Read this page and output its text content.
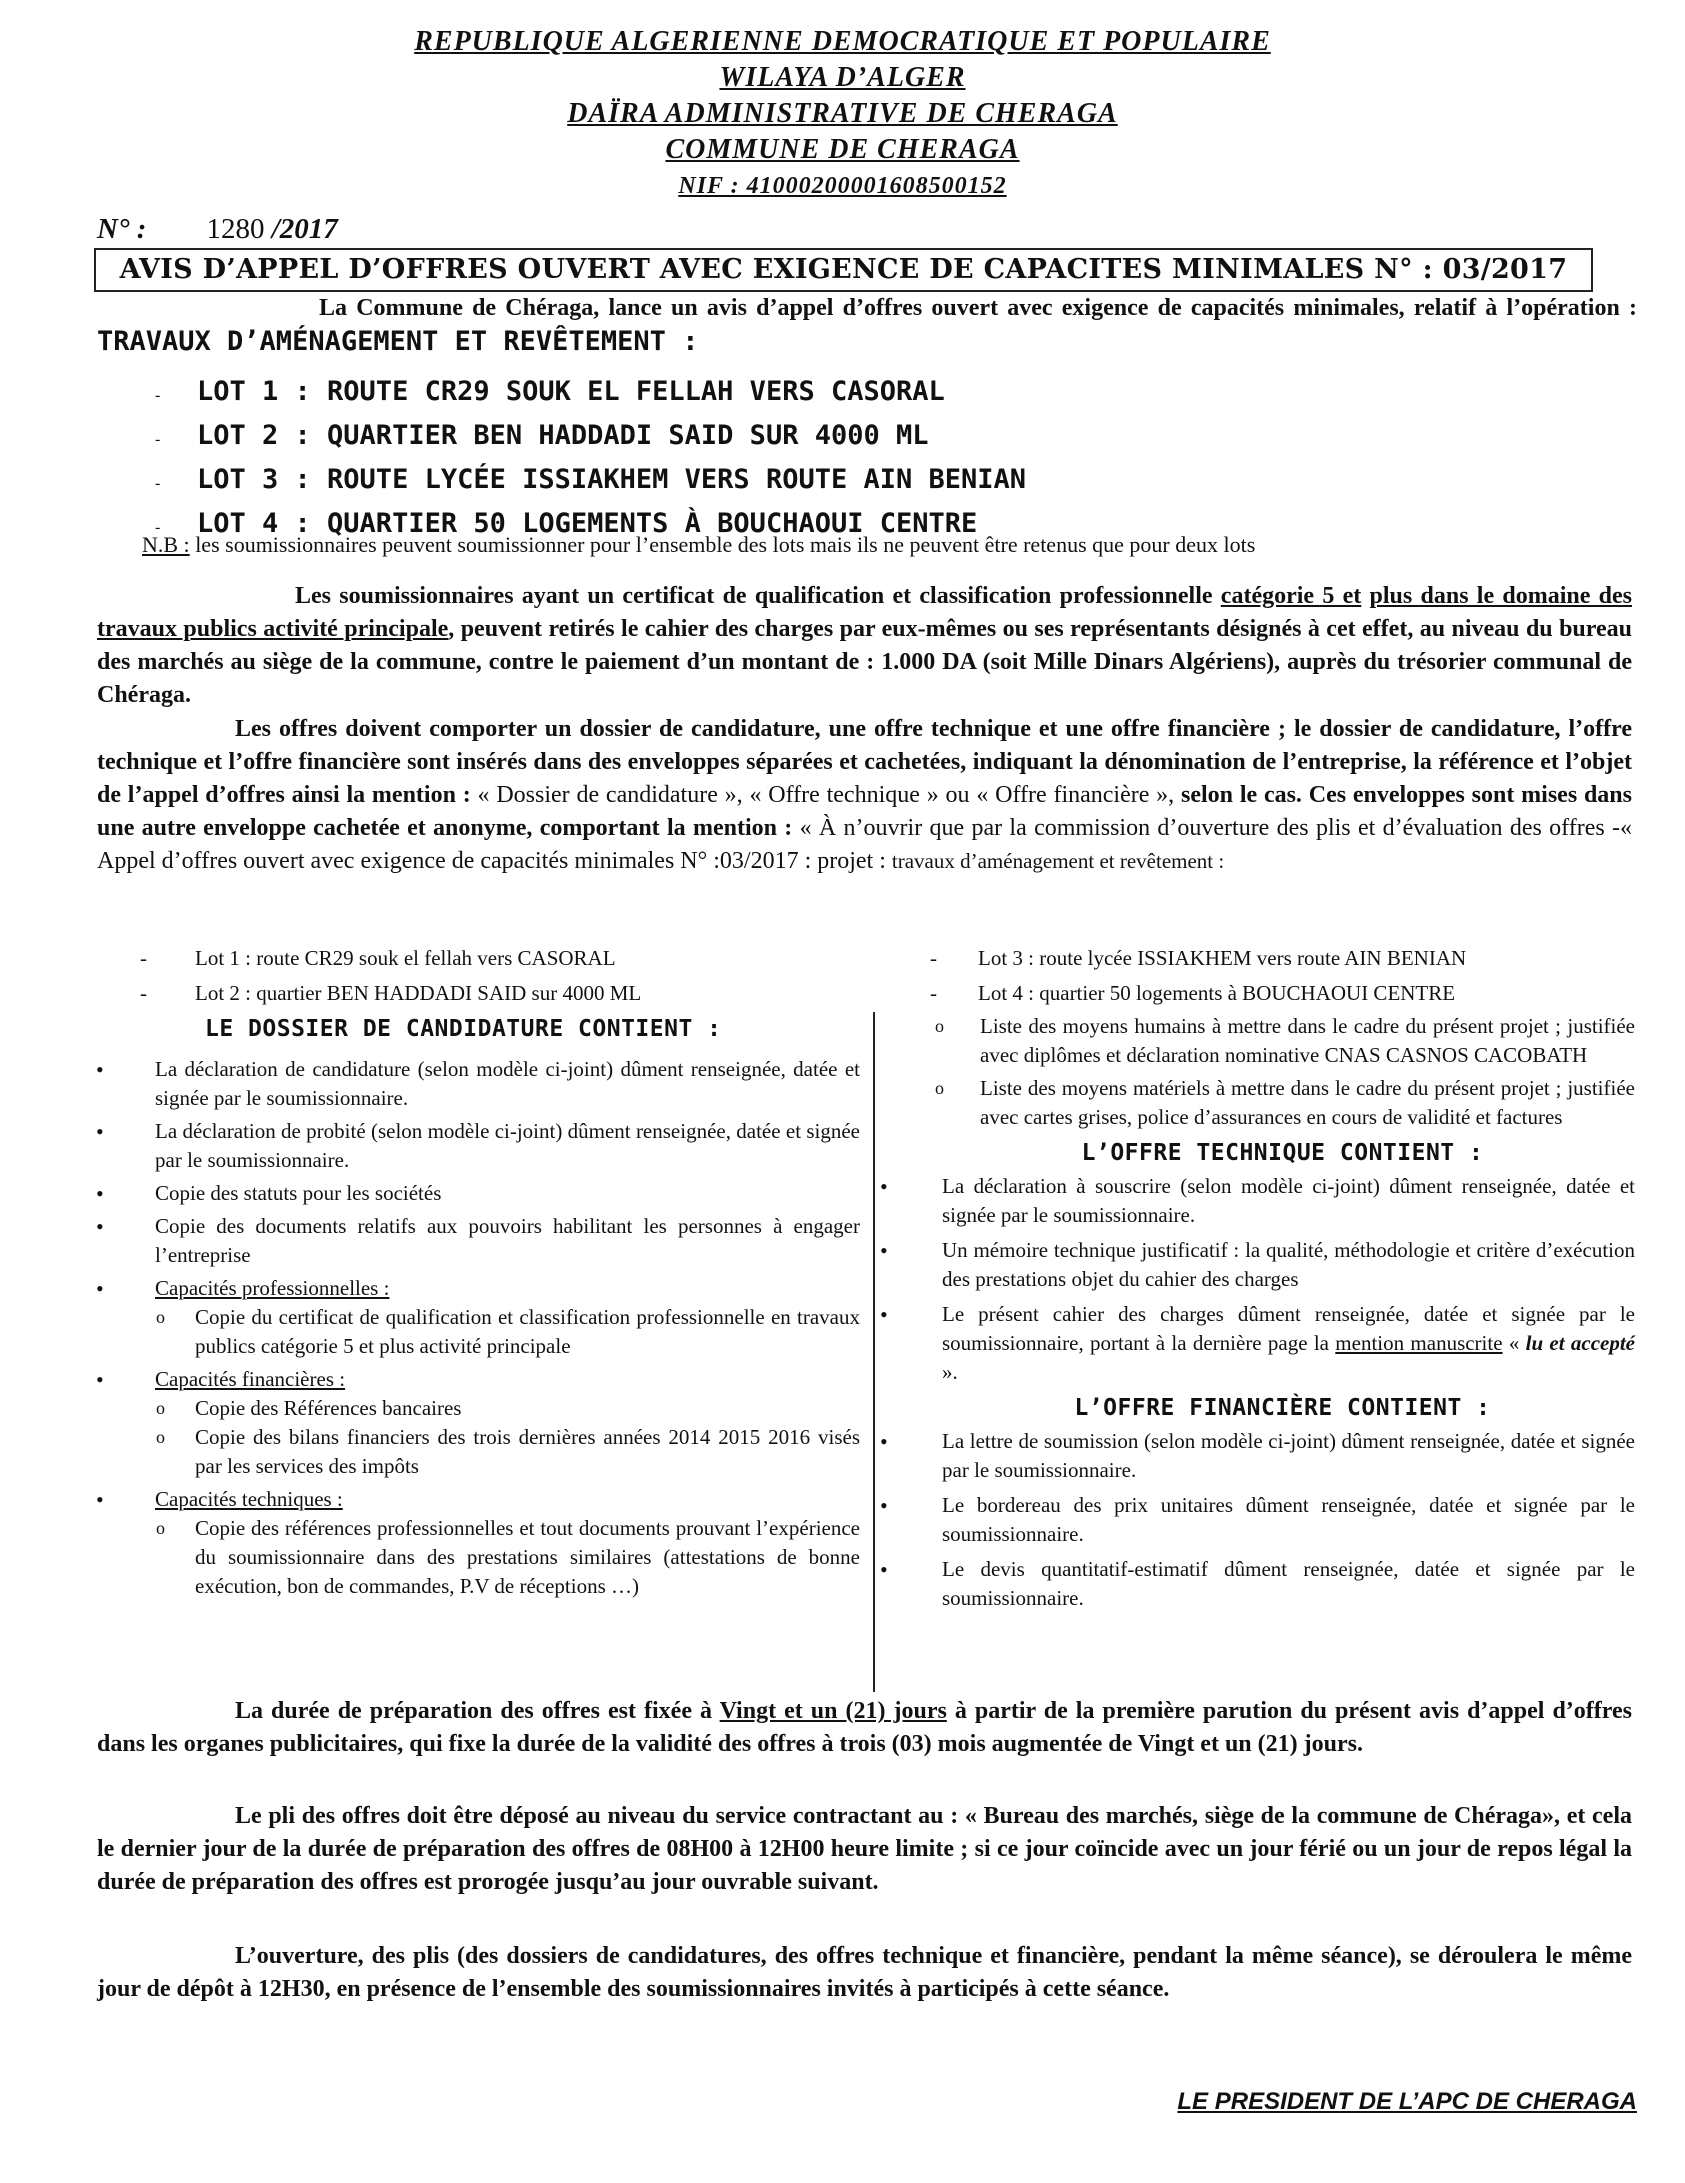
REPUBLIQUE ALGERIENNE DEMOCRATIQUE ET POPULAIRE
WILAYA D’ALGER
DAÏRA ADMINISTRATIVE DE CHERAGA
COMMUNE DE CHERAGA
NIF : 41000200001608500152
N° : 1280 /2017
AVIS D’APPEL D’OFFRES OUVERT AVEC EXIGENCE DE CAPACITES MINIMALES N° : 03/2017
La Commune de Chéraga, lance un avis d’appel d’offres ouvert avec exigence de capacités minimales, relatif à l’opération : TRAVAUX D’AMÉNAGEMENT ET REVÊTEMENT :
- LOT 1 : ROUTE CR29 SOUK EL FELLAH VERS CASORAL
- LOT 2 : QUARTIER BEN HADDADI SAID SUR 4000 ML
- LOT 3 : ROUTE LYCÉE ISSIAKHEM VERS ROUTE AIN BENIAN
- LOT 4 : QUARTIER 50 LOGEMENTS À BOUCHAOUI CENTRE
N.B : les soumissionnaires peuvent soumissionner pour l’ensemble des lots mais ils ne peuvent être retenus que pour deux lots
Les soumissionnaires ayant un certificat de qualification et classification professionnelle catégorie 5 et plus dans le domaine des travaux publics activité principale, peuvent retirés le cahier des charges par eux-mêmes ou ses représentants désignés à cet effet, au niveau du bureau des marchés au siège de la commune, contre le paiement d’un montant de : 1.000 DA (soit Mille Dinars Algériens), auprès du trésorier communal de Chéraga.
Les offres doivent comporter un dossier de candidature, une offre technique et une offre financière ; le dossier de candidature, l’offre technique et l’offre financière sont insérés dans des enveloppes séparées et cachetées, indiquant la dénomination de l’entreprise, la référence et l’objet de l’appel d’offres ainsi la mention : « Dossier de candidature », « Offre technique » ou « Offre financière », selon le cas. Ces enveloppes sont mises dans une autre enveloppe cachetée et anonyme, comportant la mention : « À n’ouvrir que par la commission d’ouverture des plis et d’évaluation des offres -« Appel d’offres ouvert avec exigence de capacités minimales N° :03/2017 : projet : travaux d’aménagement et revêtement :
- Lot 1 : route CR29 souk el fellah vers CASORAL
- Lot 2 : quartier BEN HADDADI SAID sur 4000 ML
- Lot 3 : route lycée ISSIAKHEM vers route AIN BENIAN
- Lot 4 : quartier 50 logements à BOUCHAOUI CENTRE
LE DOSSIER DE CANDIDATURE CONTIENT :
• La déclaration de candidature (selon modèle ci-joint) dûment renseignée, datée et signée par le soumissionnaire.
• La déclaration de probité (selon modèle ci-joint) dûment renseignée, datée et signée par le soumissionnaire.
• Copie des statuts pour les sociétés
• Copie des documents relatifs aux pouvoirs habilitant les personnes à engager l’entreprise
• Capacités professionnelles :
o Copie du certificat de qualification et classification professionnelle en travaux publics catégorie 5 et plus activité principale
• Capacités financières :
o Copie des Références bancaires
o Copie des bilans financiers des trois dernières années 2014 2015 2016 visés par les services des impôts
• Capacités techniques :
o Copie des références professionnelles et tout documents prouvant l’expérience du soumissionnaire dans des prestations similaires (attestations de bonne exécution, bon de commandes, P.V de réceptions …)
o Liste des moyens humains à mettre dans le cadre du présent projet ; justifiée avec diplômes et déclaration nominative CNAS CASNOS CACOBATH
o Liste des moyens matériels à mettre dans le cadre du présent projet ; justifiée avec cartes grises, police d’assurances en cours de validité et factures
L’OFFRE TECHNIQUE CONTIENT :
•	La déclaration à souscrire (selon modèle ci-joint) dûment renseignée, datée et signée par le soumissionnaire.
•	Un mémoire technique justificatif : la qualité, méthodologie et critère d’exécution des prestations objet du cahier des charges
•	Le présent cahier des charges dûment renseignée, datée et signée par le soumissionnaire, portant à la dernière page la mention manuscrite « lu et accepté ».
L’OFFRE FINANCIÈRE CONTIENT :
•	La lettre de soumission (selon modèle ci-joint) dûment renseignée, datée et signée par le soumissionnaire.
•	Le bordereau des prix unitaires dûment renseignée, datée et signée par le soumissionnaire.
•	Le devis quantitatif-estimatif dûment renseignée, datée et signée par le soumissionnaire.
La durée de préparation des offres est fixée à Vingt et un (21) jours à partir de la première parution du présent avis d’appel d’offres dans les organes publicitaires, qui fixe la durée de la validité des offres à trois (03) mois augmentée de Vingt et un (21) jours.
Le pli des offres doit être déposé au niveau du service contractant au : « Bureau des marchés, siège de la commune de Chéraga», et cela le dernier jour de la durée de préparation des offres de 08H00 à 12H00 heure limite ; si ce jour coïncide avec un jour férié ou un jour de repos légal la durée de préparation des offres est prorogée jusqu’au jour ouvrable suivant.
L’ouverture, des plis (des dossiers de candidatures, des offres technique et financière, pendant la même séance), se déroulera le même jour de dépôt à 12H30, en présence de l’ensemble des soumissionnaires invités à participés à cette séance.
LE PRESIDENT DE L’APC DE CHERAGA
